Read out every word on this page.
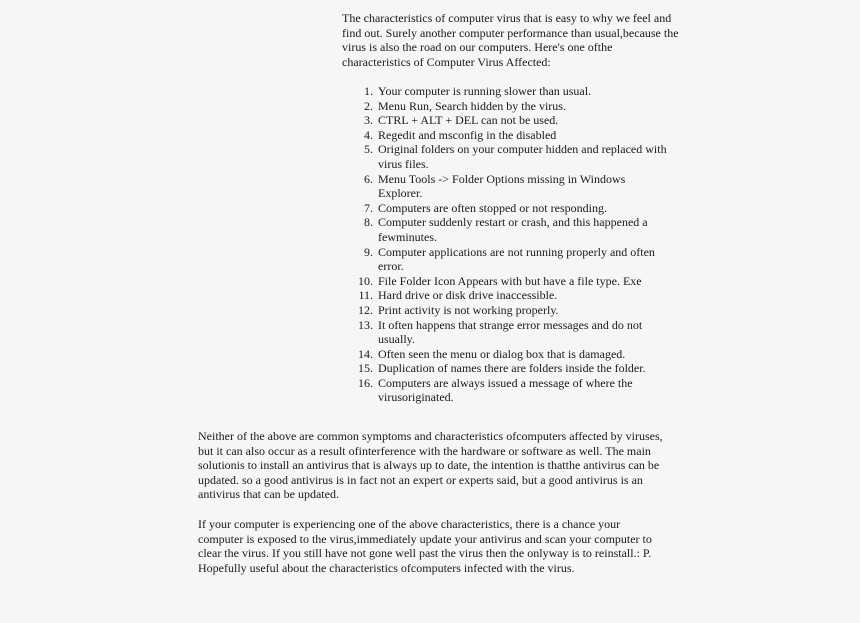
The characteristics of computer virus that is easy to why we feel and find out. Surely another computer performance than usual,because the virus is also the road on our computers. Here's one ofthe characteristics of Computer Virus Affected:

1. Your computer is running slower than usual.
2. Menu Run, Search hidden by the virus.
3. CTRL + ALT + DEL can not be used.
4. Regedit and msconfig in the disabled
5. Original folders on your computer hidden and replaced with virus files.
6. Menu Tools -> Folder Options missing in Windows Explorer.
7. Computers are often stopped or not responding.
8. Computer suddenly restart or crash, and this happened a fewminutes.
9. Computer applications are not running properly and often error.
10. File Folder Icon Appears with but have a file type. Exe
11. Hard drive or disk drive inaccessible.
12. Print activity is not working properly.
13. It often happens that strange error messages and do not usually.
14. Often seen the menu or dialog box that is damaged.
15. Duplication of names there are folders inside the folder.
16. Computers are always issued a message of where the virusoriginated.

Neither of the above are common symptoms and characteristics ofcomputers affected by viruses, but it can also occur as a result ofinterference with the hardware or software as well. The main solutionis to install an antivirus that is always up to date, the intention is thatthe antivirus can be updated. so a good antivirus is in fact not an expert or experts said, but a good antivirus is an antivirus that can be updated.

If your computer is experiencing one of the above characteristics, there is a chance your computer is exposed to the virus,immediately update your antivirus and scan your computer to clear the virus. If you still have not gone well past the virus then the onlyway is to reinstall.: P. Hopefully useful about the characteristics ofcomputers infected with the virus.
